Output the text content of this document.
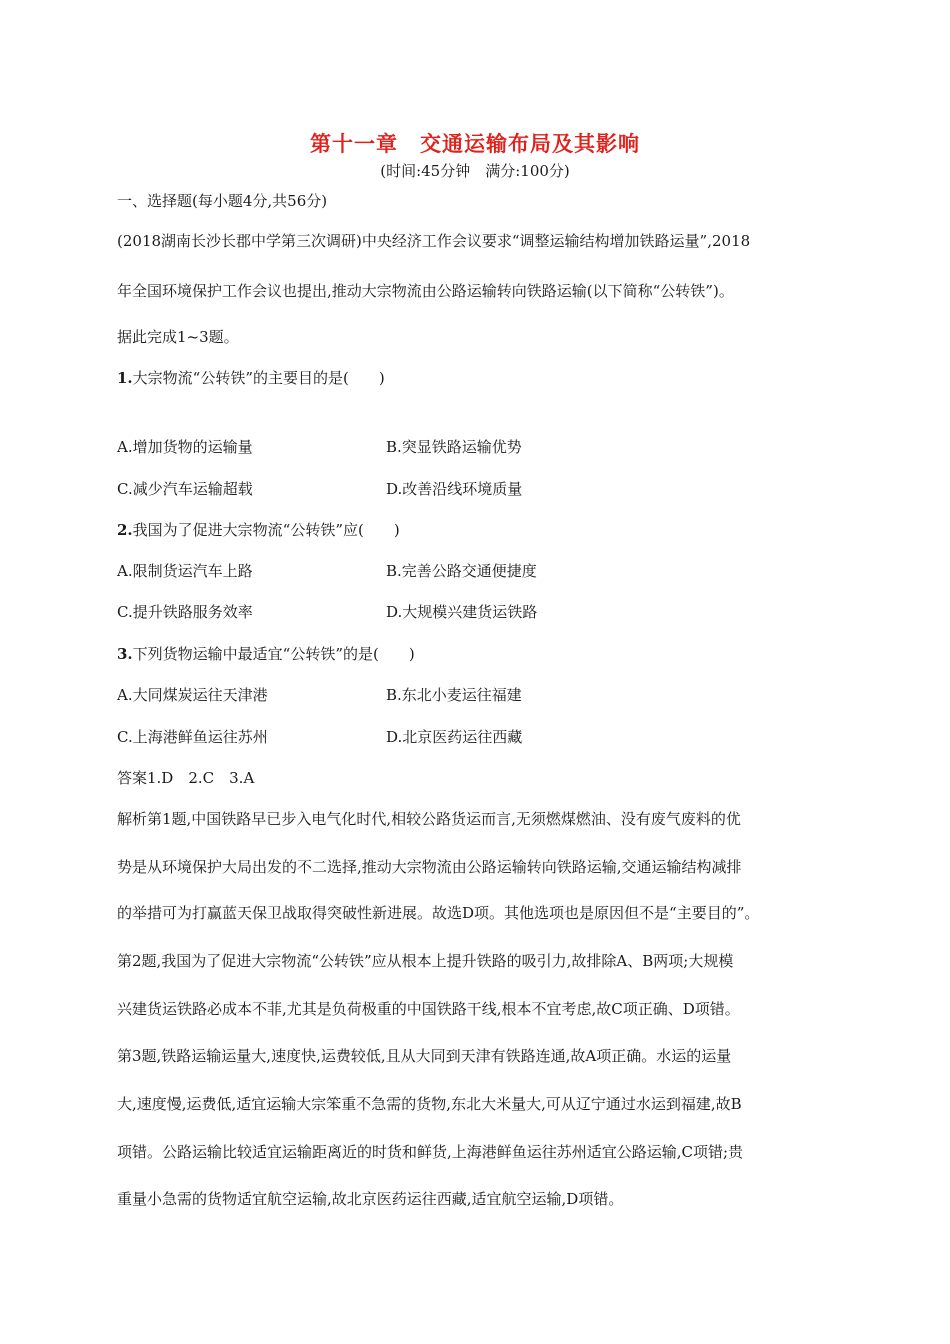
第十一章　交通运输布局及其影响
(时间:45分钟　满分:100分)
一、选择题(每小题4分,共56分)
(2018湖南长沙长郡中学第三次调研)中央经济工作会议要求“调整运输结构增加铁路运量”,2018
年全国环境保护工作会议也提出,推动大宗物流由公路运输转向铁路运输(以下简称“公转铁”)。
据此完成1~3题。
1.大宗物流“公转铁”的主要目的是(　　)
A.增加货物的运输量	B.突显铁路运输优势
C.减少汽车运输超载	D.改善沿线环境质量
2.我国为了促进大宗物流“公转铁”应(　　)
A.限制货运汽车上路	B.完善公路交通便捷度
C.提升铁路服务效率	D.大规模兴建货运铁路
3.下列货物运输中最适宜“公转铁”的是(　　)
A.大同煤炭运往天津港	B.东北小麦运往福建
C.上海港鲜鱼运往苏州	D.北京医药运往西藏
答案1.D　2.C　3.A
解析第1题,中国铁路早已步入电气化时代,相较公路货运而言,无须燃煤燃油、没有废气废料的优
势是从环境保护大局出发的不二选择,推动大宗物流由公路运输转向铁路运输,交通运输结构减排
的举措可为打赢蓝天保卫战取得突破性新进展。故选D项。其他选项也是原因但不是“主要目的”。
第2题,我国为了促进大宗物流“公转铁”应从根本上提升铁路的吸引力,故排除A、B两项;大规模
兴建货运铁路必成本不菲,尤其是负荷极重的中国铁路干线,根本不宜考虑,故C项正确、D项错。
第3题,铁路运输运量大,速度快,运费较低,且从大同到天津有铁路连通,故A项正确。水运的运量
大,速度慢,运费低,适宜运输大宗笨重不急需的货物,东北大米量大,可从辽宁通过水运到福建,故B
项错。公路运输比较适宜运输距离近的时货和鲜货,上海港鲜鱼运往苏州适宜公路运输,C项错;贵
重量小急需的货物适宜航空运输,故北京医药运往西藏,适宜航空运输,D项错。
